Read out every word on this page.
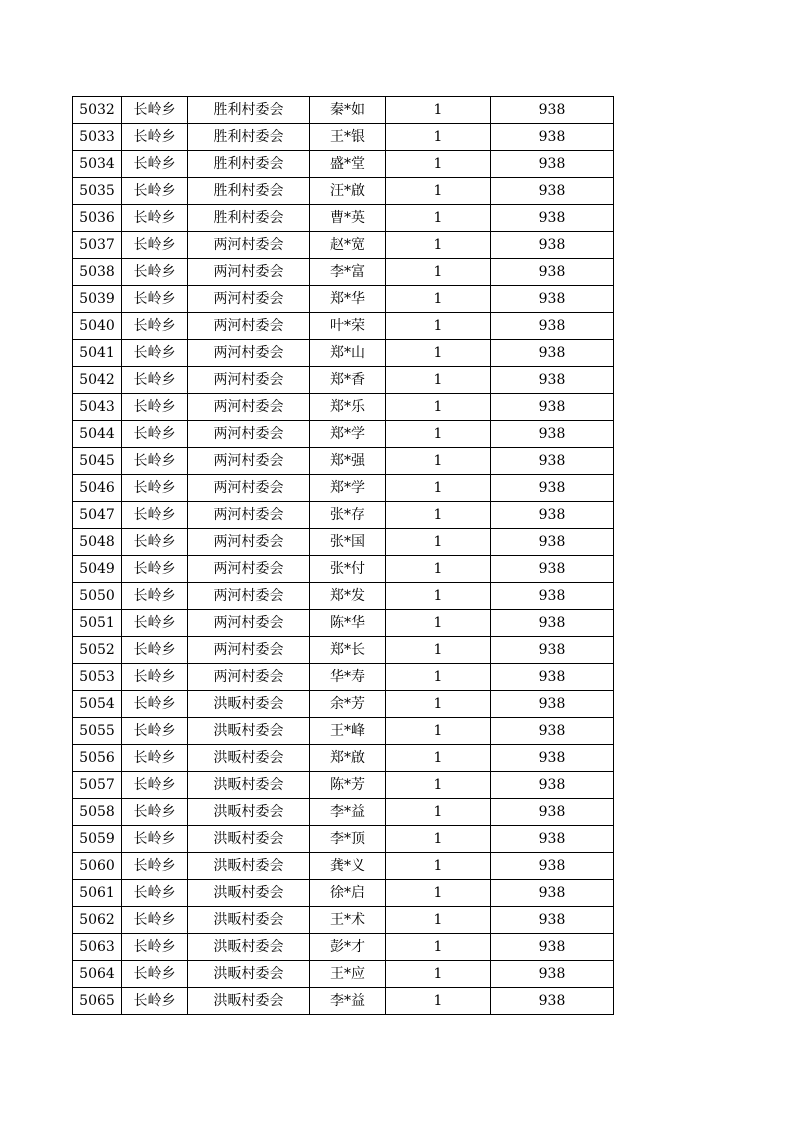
5032	长岭乡	胜利村委会	秦*如	1	938
5033	长岭乡	胜利村委会	王*银	1	938
5034	长岭乡	胜利村委会	盛*堂	1	938
5035	长岭乡	胜利村委会	汪*啟	1	938
5036	长岭乡	胜利村委会	曹*英	1	938
5037	长岭乡	两河村委会	赵*宽	1	938
5038	长岭乡	两河村委会	李*富	1	938
5039	长岭乡	两河村委会	郑*华	1	938
5040	长岭乡	两河村委会	叶*荣	1	938
5041	长岭乡	两河村委会	郑*山	1	938
5042	长岭乡	两河村委会	郑*香	1	938
5043	长岭乡	两河村委会	郑*乐	1	938
5044	长岭乡	两河村委会	郑*学	1	938
5045	长岭乡	两河村委会	郑*强	1	938
5046	长岭乡	两河村委会	郑*学	1	938
5047	长岭乡	两河村委会	张*存	1	938
5048	长岭乡	两河村委会	张*国	1	938
5049	长岭乡	两河村委会	张*付	1	938
5050	长岭乡	两河村委会	郑*发	1	938
5051	长岭乡	两河村委会	陈*华	1	938
5052	长岭乡	两河村委会	郑*长	1	938
5053	长岭乡	两河村委会	华*寿	1	938
5054	长岭乡	洪畈村委会	余*芳	1	938
5055	长岭乡	洪畈村委会	王*峰	1	938
5056	长岭乡	洪畈村委会	郑*啟	1	938
5057	长岭乡	洪畈村委会	陈*芳	1	938
5058	长岭乡	洪畈村委会	李*益	1	938
5059	长岭乡	洪畈村委会	李*顶	1	938
5060	长岭乡	洪畈村委会	龚*义	1	938
5061	长岭乡	洪畈村委会	徐*启	1	938
5062	长岭乡	洪畈村委会	王*术	1	938
5063	长岭乡	洪畈村委会	彭*才	1	938
5064	长岭乡	洪畈村委会	王*应	1	938
5065	长岭乡	洪畈村委会	李*益	1	938
